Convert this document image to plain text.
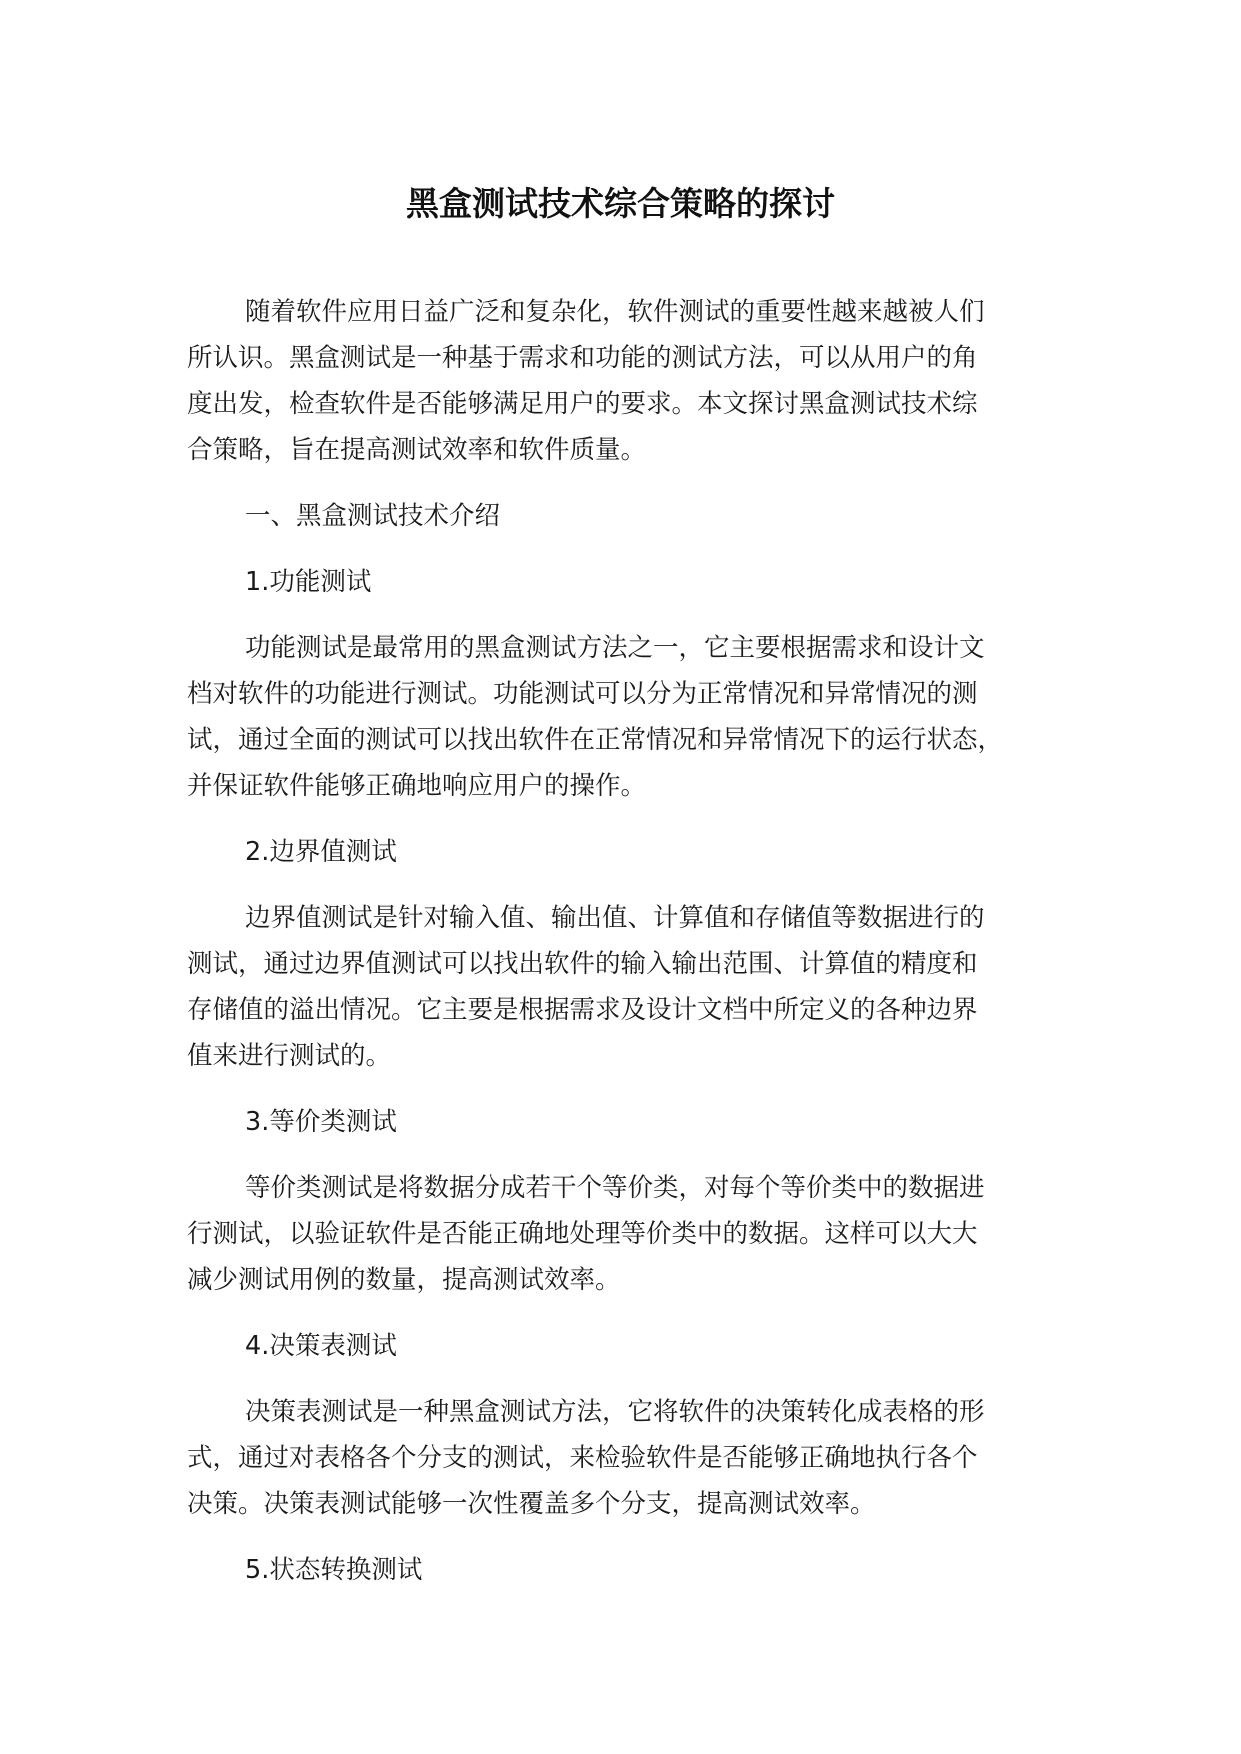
黑盒测试技术综合策略的探讨

随着软件应用日益广泛和复杂化，软件测试的重要性越来越被人们
所认识。黑盒测试是一种基于需求和功能的测试方法，可以从用户的角
度出发，检查软件是否能够满足用户的要求。本文探讨黑盒测试技术综
合策略，旨在提高测试效率和软件质量。

一、黑盒测试技术介绍
1.功能测试

功能测试是最常用的黑盒测试方法之一，它主要根据需求和设计文
档对软件的功能进行测试。功能测试可以分为正常情况和异常情况的测
试，通过全面的测试可以找出软件在正常情况和异常情况下的运行状态，
并保证软件能够正确地响应用户的操作。

2.边界值测试

边界值测试是针对输入值、输出值、计算值和存储值等数据进行的
测试，通过边界值测试可以找出软件的输入输出范围、计算值的精度和
存储值的溢出情况。它主要是根据需求及设计文档中所定义的各种边界
值来进行测试的。

3.等价类测试

等价类测试是将数据分成若干个等价类，对每个等价类中的数据进
行测试，以验证软件是否能正确地处理等价类中的数据。这样可以大大
减少测试用例的数量，提高测试效率。

4.决策表测试

决策表测试是一种黑盒测试方法，它将软件的决策转化成表格的形
式，通过对表格各个分支的测试，来检验软件是否能够正确地执行各个
决策。决策表测试能够一次性覆盖多个分支，提高测试效率。

5.状态转换测试
